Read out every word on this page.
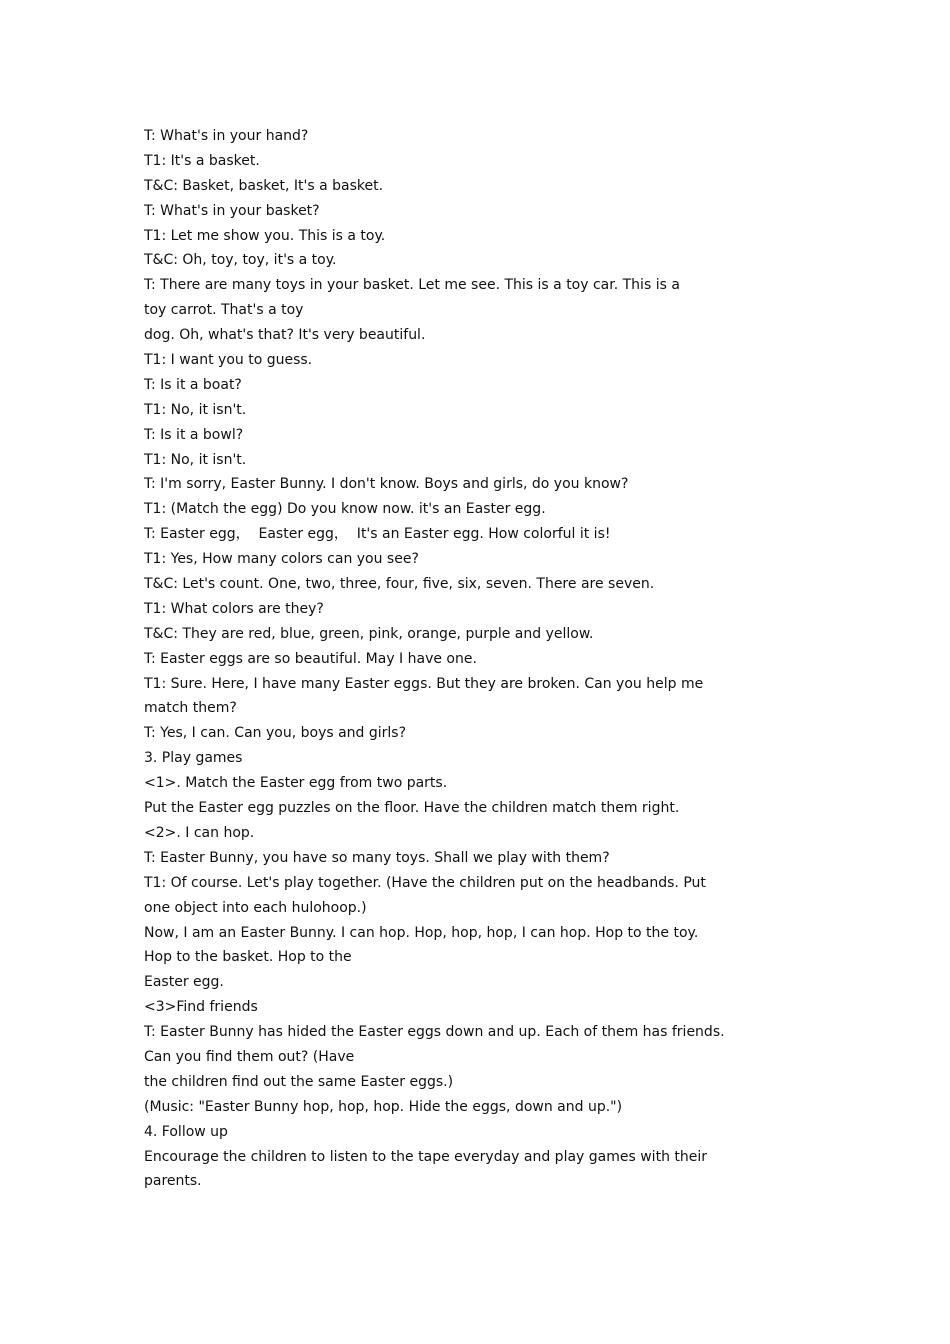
T: What's in your hand?

T1: It's a basket.

T&C: Basket, basket, It's a basket.

T: What's in your basket?

T1: Let me show you. This is a toy.

T&C: Oh, toy, toy, it's a toy.

T: There are many toys in your basket. Let me see. This is a toy car. This is a

toy carrot. That's a toy

dog. Oh, what's that? It's very beautiful.

T1: I want you to guess.

T: Is it a boat?

T1: No, it isn't.

T: Is it a bowl?

T1: No, it isn't.

T: I'm sorry, Easter Bunny. I don't know. Boys and girls, do you know?

T1: (Match the egg) Do you know now. it's an Easter egg.

T: Easter egg，  Easter egg，  It's an Easter egg. How colorful it is!

T1: Yes, How many colors can you see?

T&C: Let's count. One, two, three, four, five, six, seven. There are seven.

T1: What colors are they?

T&C: They are red, blue, green, pink, orange, purple and yellow.

T: Easter eggs are so beautiful. May I have one.

T1: Sure. Here, I have many Easter eggs. But they are broken. Can you help me

match them?

T: Yes, I can. Can you, boys and girls?

3. Play games

<1>. Match the Easter egg from two parts.

Put the Easter egg puzzles on the floor. Have the children match them right.

<2>. I can hop.

T: Easter Bunny, you have so many toys. Shall we play with them?

T1: Of course. Let's play together. (Have the children put on the headbands. Put

one object into each hulohoop.)

Now, I am an Easter Bunny. I can hop. Hop, hop, hop, I can hop. Hop to the toy.

Hop to the basket. Hop to the

Easter egg.

<3>Find friends

T: Easter Bunny has hided the Easter eggs down and up. Each of them has friends.

Can you find them out? (Have

the children find out the same Easter eggs.)

(Music: "Easter Bunny hop, hop, hop. Hide the eggs, down and up.")

4. Follow up

Encourage the children to listen to the tape everyday and play games with their

parents.
